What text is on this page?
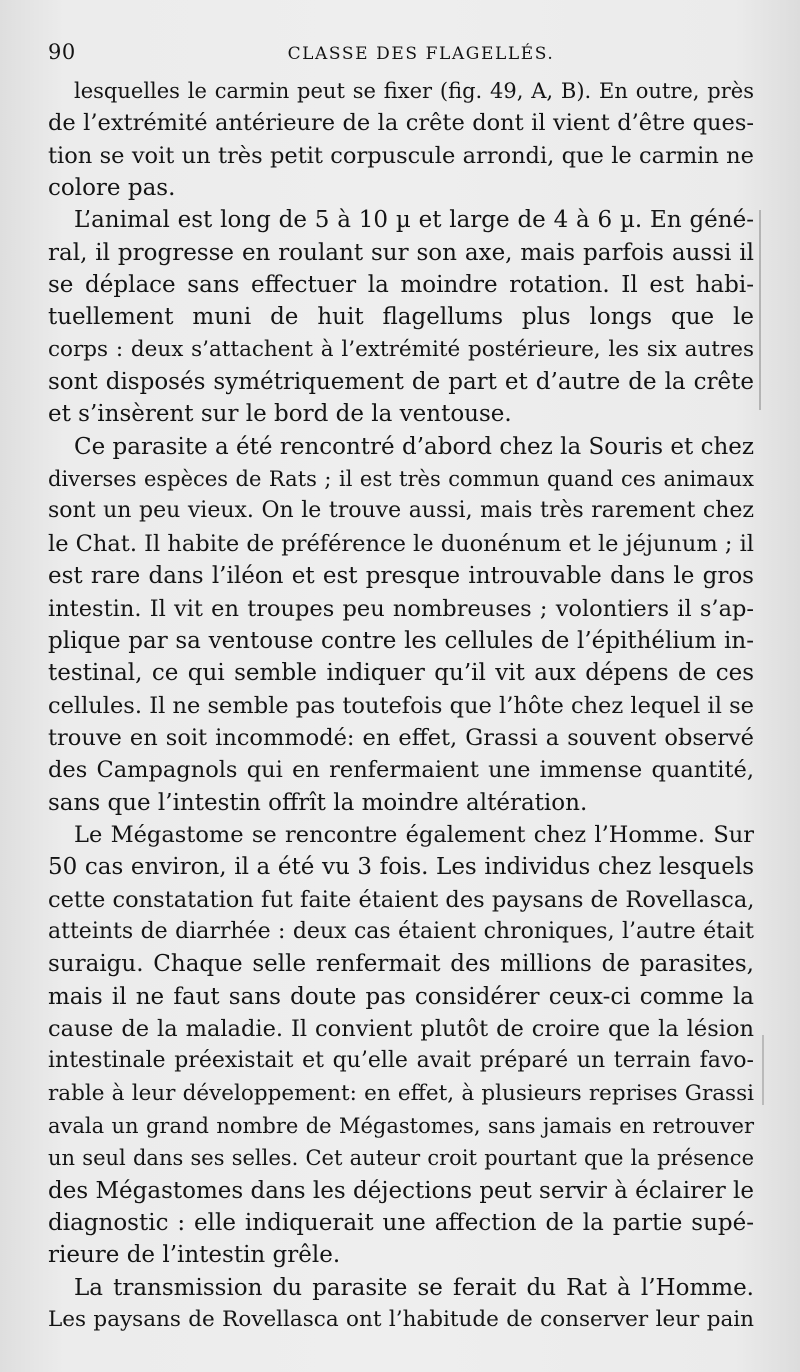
90	CLASSE DES FLAGELLÉS.
lesquelles le carmin peut se fixer (fig. 49, A, B). En outre, près
de l’extrémité antérieure de la crête dont il vient d’être ques-
tion se voit un très petit corpuscule arrondi, que le carmin ne
colore pas.
L’animal est long de 5 à 10 µ et large de 4 à 6 µ. En géné-
ral, il progresse en roulant sur son axe, mais parfois aussi il
se déplace sans effectuer la moindre rotation. Il est habi-
tuellement muni de huit flagellums plus longs que le
corps : deux s’attachent à l’extrémité postérieure, les six autres
sont disposés symétriquement de part et d’autre de la crête
et s’insèrent sur le bord de la ventouse.
Ce parasite a été rencontré d’abord chez la Souris et chez
diverses espèces de Rats ; il est très commun quand ces animaux
sont un peu vieux. On le trouve aussi, mais très rarement chez
le Chat. Il habite de préférence le duonénum et le jéjunum ; il
est rare dans l’iléon et est presque introuvable dans le gros
intestin. Il vit en troupes peu nombreuses ; volontiers il s’ap-
plique par sa ventouse contre les cellules de l’épithélium in-
testinal, ce qui semble indiquer qu’il vit aux dépens de ces
cellules. Il ne semble pas toutefois que l’hôte chez lequel il se
trouve en soit incommodé: en effet, Grassi a souvent observé
des Campagnols qui en renfermaient une immense quantité,
sans que l’intestin offrît la moindre altération.
Le Mégastome se rencontre également chez l’Homme. Sur
50 cas environ, il a été vu 3 fois. Les individus chez lesquels
cette constatation fut faite étaient des paysans de Rovellasca,
atteints de diarrhée : deux cas étaient chroniques, l’autre était
suraigu. Chaque selle renfermait des millions de parasites,
mais il ne faut sans doute pas considérer ceux-ci comme la
cause de la maladie. Il convient plutôt de croire que la lésion
intestinale préexistait et qu’elle avait préparé un terrain favo-
rable à leur développement: en effet, à plusieurs reprises Grassi
avala un grand nombre de Mégastomes, sans jamais en retrouver
un seul dans ses selles. Cet auteur croit pourtant que la présence
des Mégastomes dans les déjections peut servir à éclairer le
diagnostic : elle indiquerait une affection de la partie supé-
rieure de l’intestin grêle.
La transmission du parasite se ferait du Rat à l’Homme.
Les paysans de Rovellasca ont l’habitude de conserver leur pain
